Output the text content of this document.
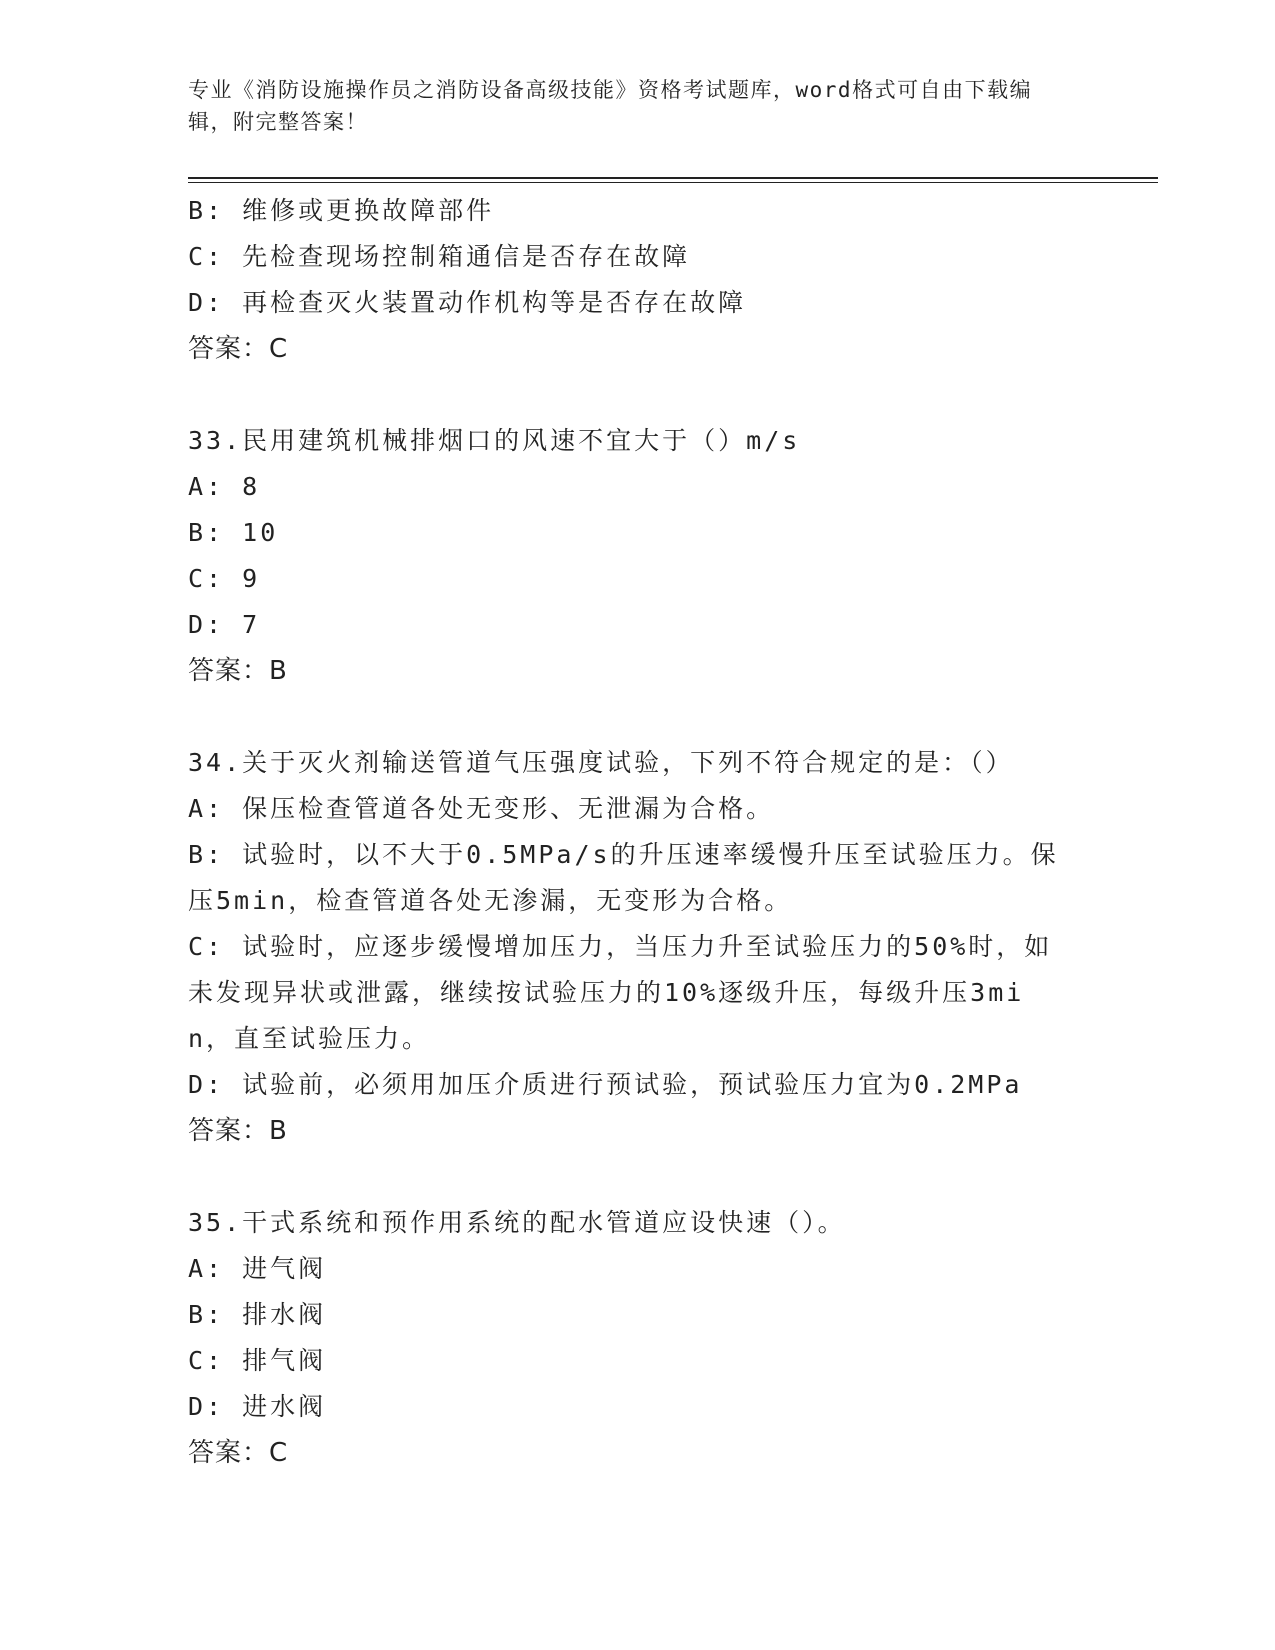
专业《消防设施操作员之消防设备高级技能》资格考试题库，word格式可自由下载编辑，附完整答案！
B: 维修或更换故障部件
C: 先检查现场控制箱通信是否存在故障
D: 再检查灭火装置动作机构等是否存在故障
答案：C
33.民用建筑机械排烟口的风速不宜大于（）m/s
A: 8
B: 10
C: 9
D: 7
答案：B
34.关于灭火剂输送管道气压强度试验，下列不符合规定的是：（）
A: 保压检查管道各处无变形、无泄漏为合格。
B: 试验时，以不大于0.5MPa/s的升压速率缓慢升压至试验压力。保压5min，检查管道各处无渗漏，无变形为合格。
C: 试验时，应逐步缓慢增加压力，当压力升至试验压力的50%时，如未发现异状或泄露，继续按试验压力的10%逐级升压，每级升压3min，直至试验压力。
D: 试验前，必须用加压介质进行预试验，预试验压力宜为0.2MPa
答案：B
35.干式系统和预作用系统的配水管道应设快速（）。
A: 进气阀
B: 排水阀
C: 排气阀
D: 进水阀
答案：C
